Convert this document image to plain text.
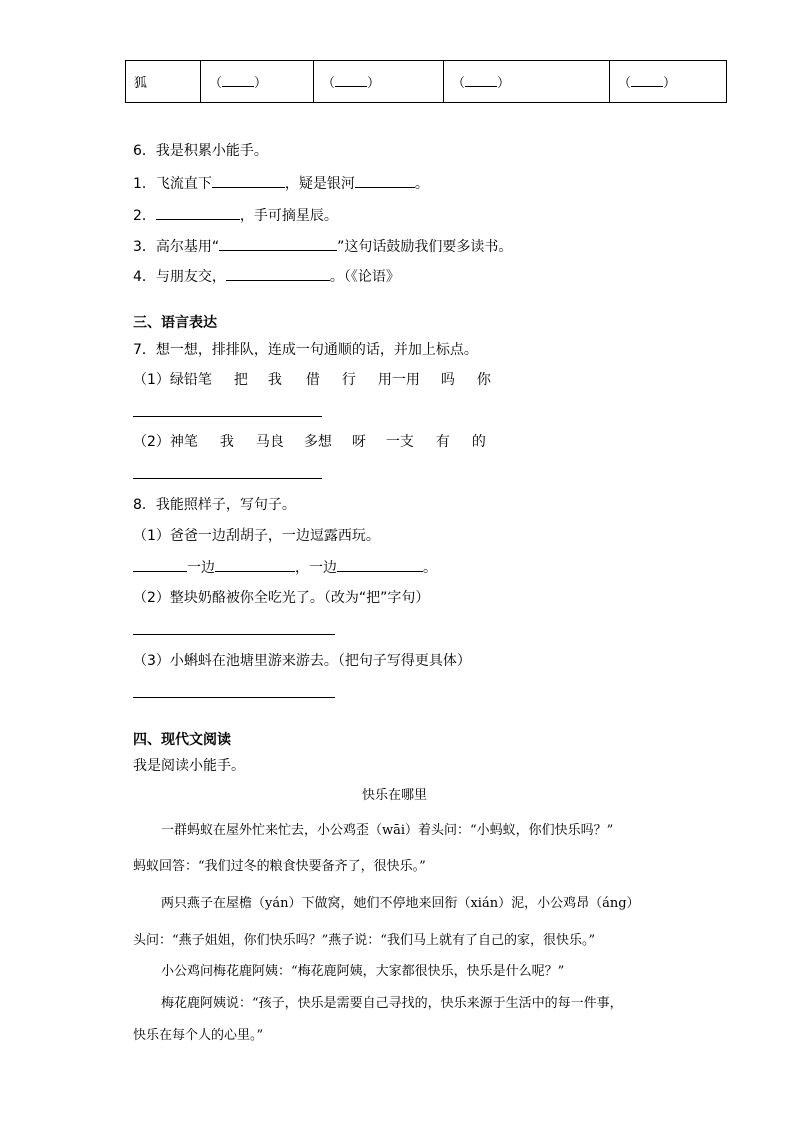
狐	（ ）	（ ）	（ ）	（ ）
6．我是积累小能手。
1．飞流直下	，疑是银河	。
2．	，手可摘星辰。
3．高尔基用“	”这句话鼓励我们要多读书。
4．与朋友交，	。（《论语》
三、语言表达
7．想一想，排排队，连成一句通顺的话，并加上标点。
（1）绿铅笔 把 我 借 行 用一用 吗 你
（2）神笔 我 马良 多想 呀 一支 有 的
8．我能照样子，写句子。
（1）爸爸一边刮胡子，一边逗露西玩。
一边	，一边	。
（2）整块奶酪被你全吃光了。（改为“把”字句）
（3）小蝌蚪在池塘里游来游去。（把句子写得更具体）
四、现代文阅读
我是阅读小能手。
快乐在哪里
一群蚂蚁在屋外忙来忙去，小公鸡歪（wāi）着头问：“小蚂蚁，你们快乐吗？”
蚂蚁回答：“我们过冬的粮食快要备齐了，很快乐。”
两只燕子在屋檐（yán）下做窝，她们不停地来回衔（xián）泥，小公鸡昂（áng）
头问：“燕子姐姐，你们快乐吗？”燕子说：“我们马上就有了自己的家，很快乐。”
小公鸡问梅花鹿阿姨：“梅花鹿阿姨，大家都很快乐，快乐是什么呢？”
梅花鹿阿姨说：“孩子，快乐是需要自己寻找的，快乐来源于生活中的每一件事，
快乐在每个人的心里。”
